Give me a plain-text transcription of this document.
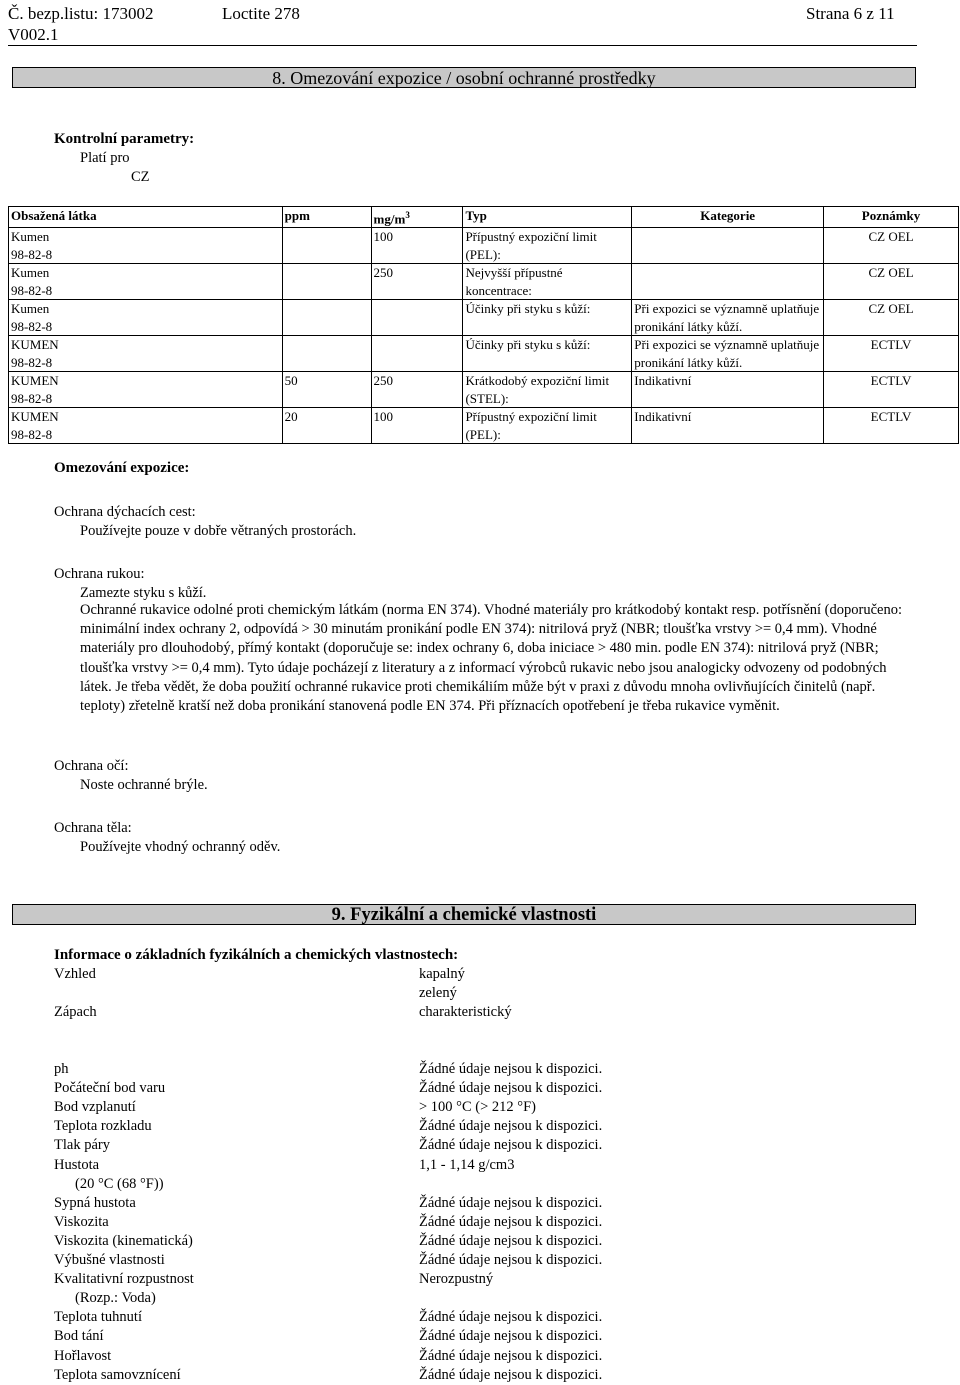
Č. bezp.listu: 173002	Loctite 278	Strana 6 z 11
V002.1
8. Omezování expozice / osobní ochranné prostředky
Kontrolní parametry:
Platí pro
CZ
Obsažená látka	ppm	$mg/m^3$	Typ	Kategorie	Poznámky

Kumen
98-82-8		100	Přípustný expoziční limit (PEL):		CZ OEL

Kumen
98-82-8		250	Nejvyšší přípustné koncentrace:		CZ OEL

Kumen
98-82-8			Účinky při styku s kůží:	Při expozici se významně uplatňuje pronikání látky kůží.	CZ OEL

KUMEN
98-82-8			Účinky při styku s kůží:	Při expozici se významně uplatňuje pronikání látky kůží.	ECTLV

KUMEN
98-82-8	50	250	Krátkodobý expoziční limit (STEL):	Indikativní	ECTLV

KUMEN
98-82-8	20	100	Přípustný expoziční limit (PEL):	Indikativní	ECTLV
Omezování expozice:
Ochrana dýchacích cest:
Používejte pouze v dobře větraných prostorách.
Ochrana rukou:
Zamezte styku s kůží.
Ochranné rukavice odolné proti chemickým látkám (norma EN 374). Vhodné materiály pro krátkodobý kontakt resp. potřísnění (doporučeno: minimální index ochrany 2, odpovídá > 30 minutám pronikání podle EN 374): nitrilová pryž (NBR; tloušťka vrstvy >= 0,4 mm). Vhodné materiály pro dlouhodobý, přímý kontakt (doporučuje se: index ochrany 6, doba iniciace > 480 min. podle EN 374): nitrilová pryž (NBR; tloušťka vrstvy >= 0,4 mm). Tyto údaje pocházejí z literatury a z informací výrobců rukavic nebo jsou analogicky odvozeny od podobných látek. Je třeba vědět, že doba použití ochranné rukavice proti chemikáliím může být v praxi z důvodu mnoha ovlivňujících činitelů (např. teploty) zřetelně kratší než doba pronikání stanovená podle EN 374. Při příznacích opotřebení je třeba rukavice vyměnit.
Ochrana očí:
Noste ochranné brýle.
Ochrana těla:
Používejte vhodný ochranný oděv.
9. Fyzikální a chemické vlastnosti
Informace o základních fyzikálních a chemických vlastnostech:
Vzhled	kapalný
zelený
Zápach	charakteristický
ph	Žádné údaje nejsou k dispozici.
Počáteční bod varu	Žádné údaje nejsou k dispozici.
Bod vzplanutí	> 100 °C (> 212 °F)
Teplota rozkladu	Žádné údaje nejsou k dispozici.
Tlak páry	Žádné údaje nejsou k dispozici.
Hustota	1,1 - 1,14 g/cm3
(20 °C (68 °F))
Sypná hustota	Žádné údaje nejsou k dispozici.
Viskozita	Žádné údaje nejsou k dispozici.
Viskozita (kinematická)	Žádné údaje nejsou k dispozici.
Výbušné vlastnosti	Žádné údaje nejsou k dispozici.
Kvalitativní rozpustnost	Nerozpustný
(Rozp.: Voda)
Teplota tuhnutí	Žádné údaje nejsou k dispozici.
Bod tání	Žádné údaje nejsou k dispozici.
Hořlavost	Žádné údaje nejsou k dispozici.
Teplota samovznícení	Žádné údaje nejsou k dispozici.
